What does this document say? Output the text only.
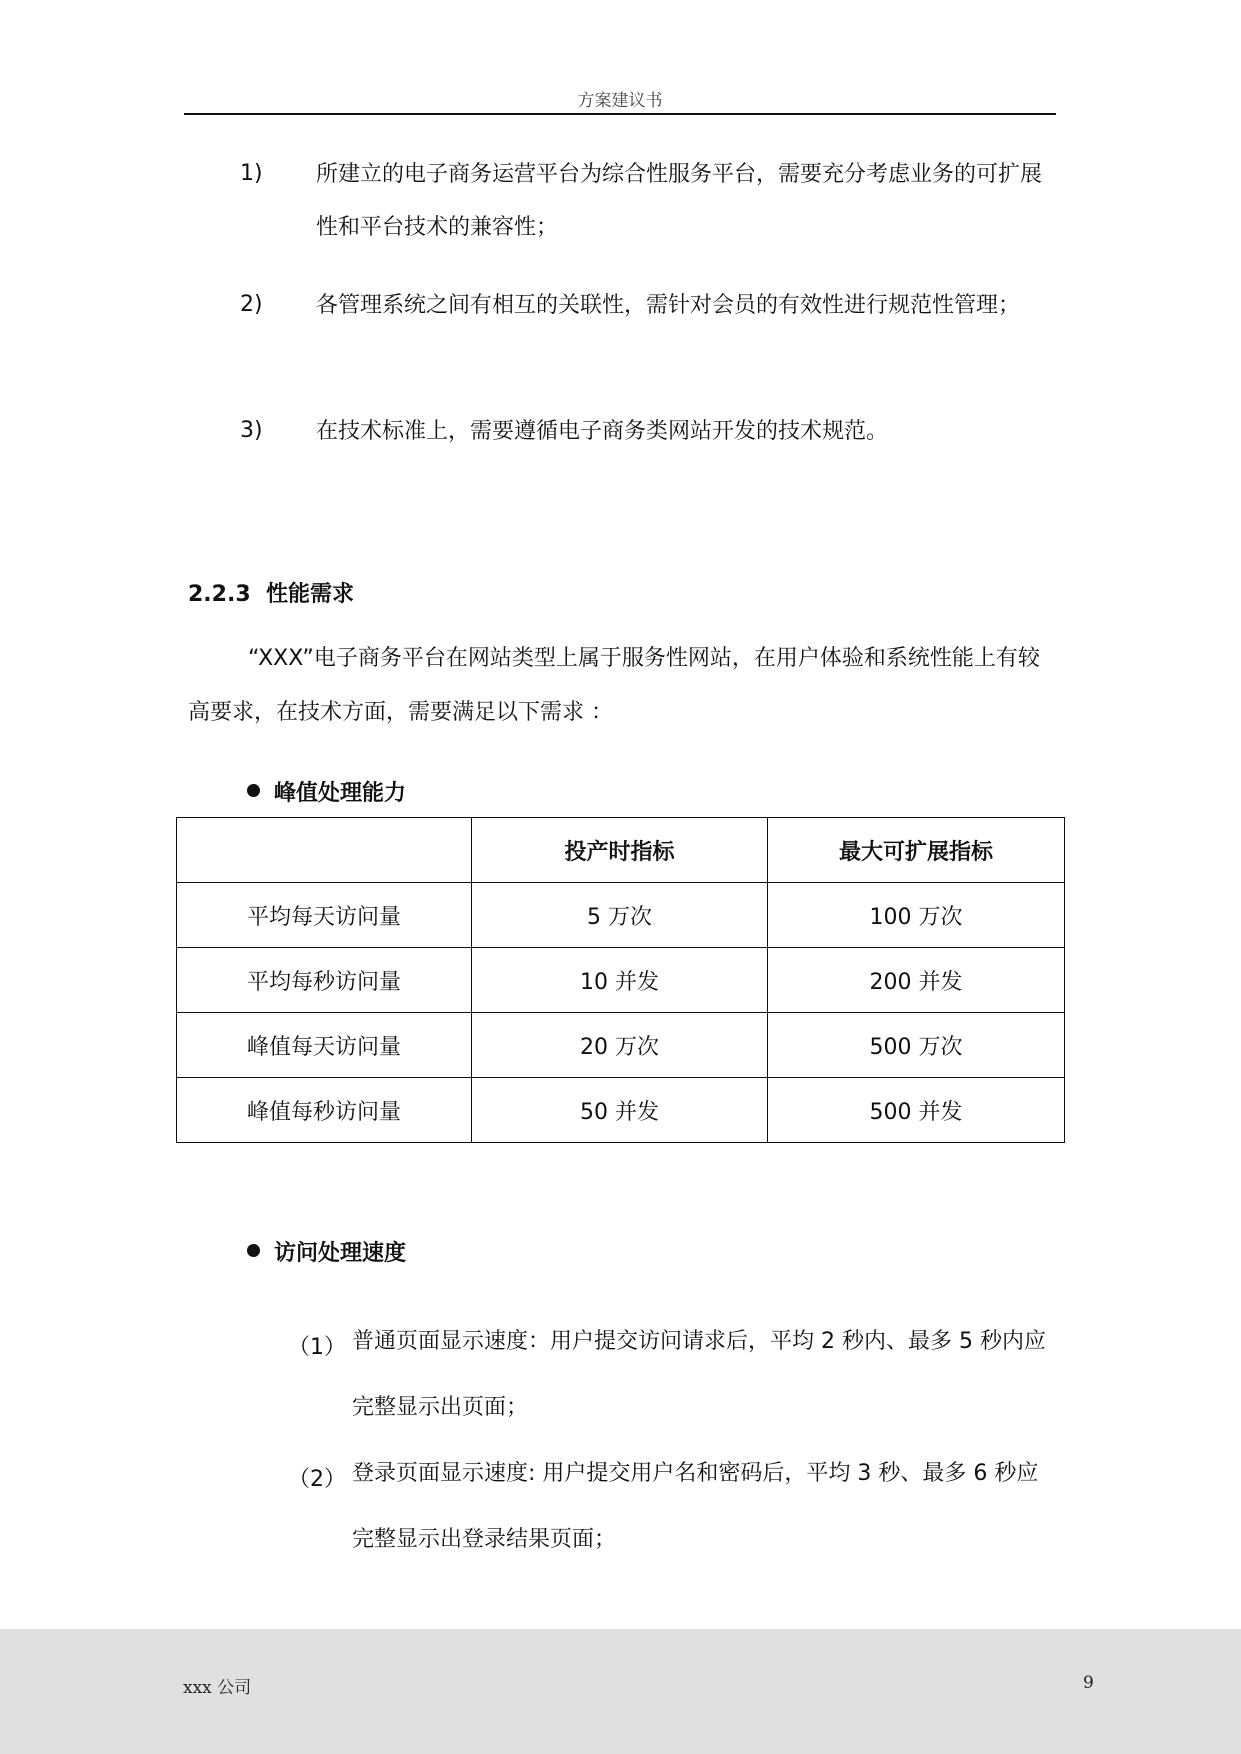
方案建议书
1) 所建立的电子商务运营平台为综合性服务平台，需要充分考虑业务的可扩展性和平台技术的兼容性；
2) 各管理系统之间有相互的关联性，需针对会员的有效性进行规范性管理；
3) 在技术标准上，需要遵循电子商务类网站开发的技术规范。
2.2.3 性能需求
“XXX”电子商务平台在网站类型上属于服务性网站，在用户体验和系统性能上有较高要求，在技术方面，需要满足以下需求 ：
峰值处理能力
	投产时指标	最大可扩展指标
平均每天访问量	5 万次	100 万次
平均每秒访问量	10 并发	200 并发
峰值每天访问量	20 万次	500 万次
峰值每秒访问量	50 并发	500 并发
访问处理速度
（1） 普通页面显示速度：用户提交访问请求后，平均 2 秒内、最多 5 秒内应完整显示出页面；
（2） 登录页面显示速度: 用户提交用户名和密码后，平均 3 秒、最多 6 秒应完整显示出登录结果页面；
xxx 公司	9
